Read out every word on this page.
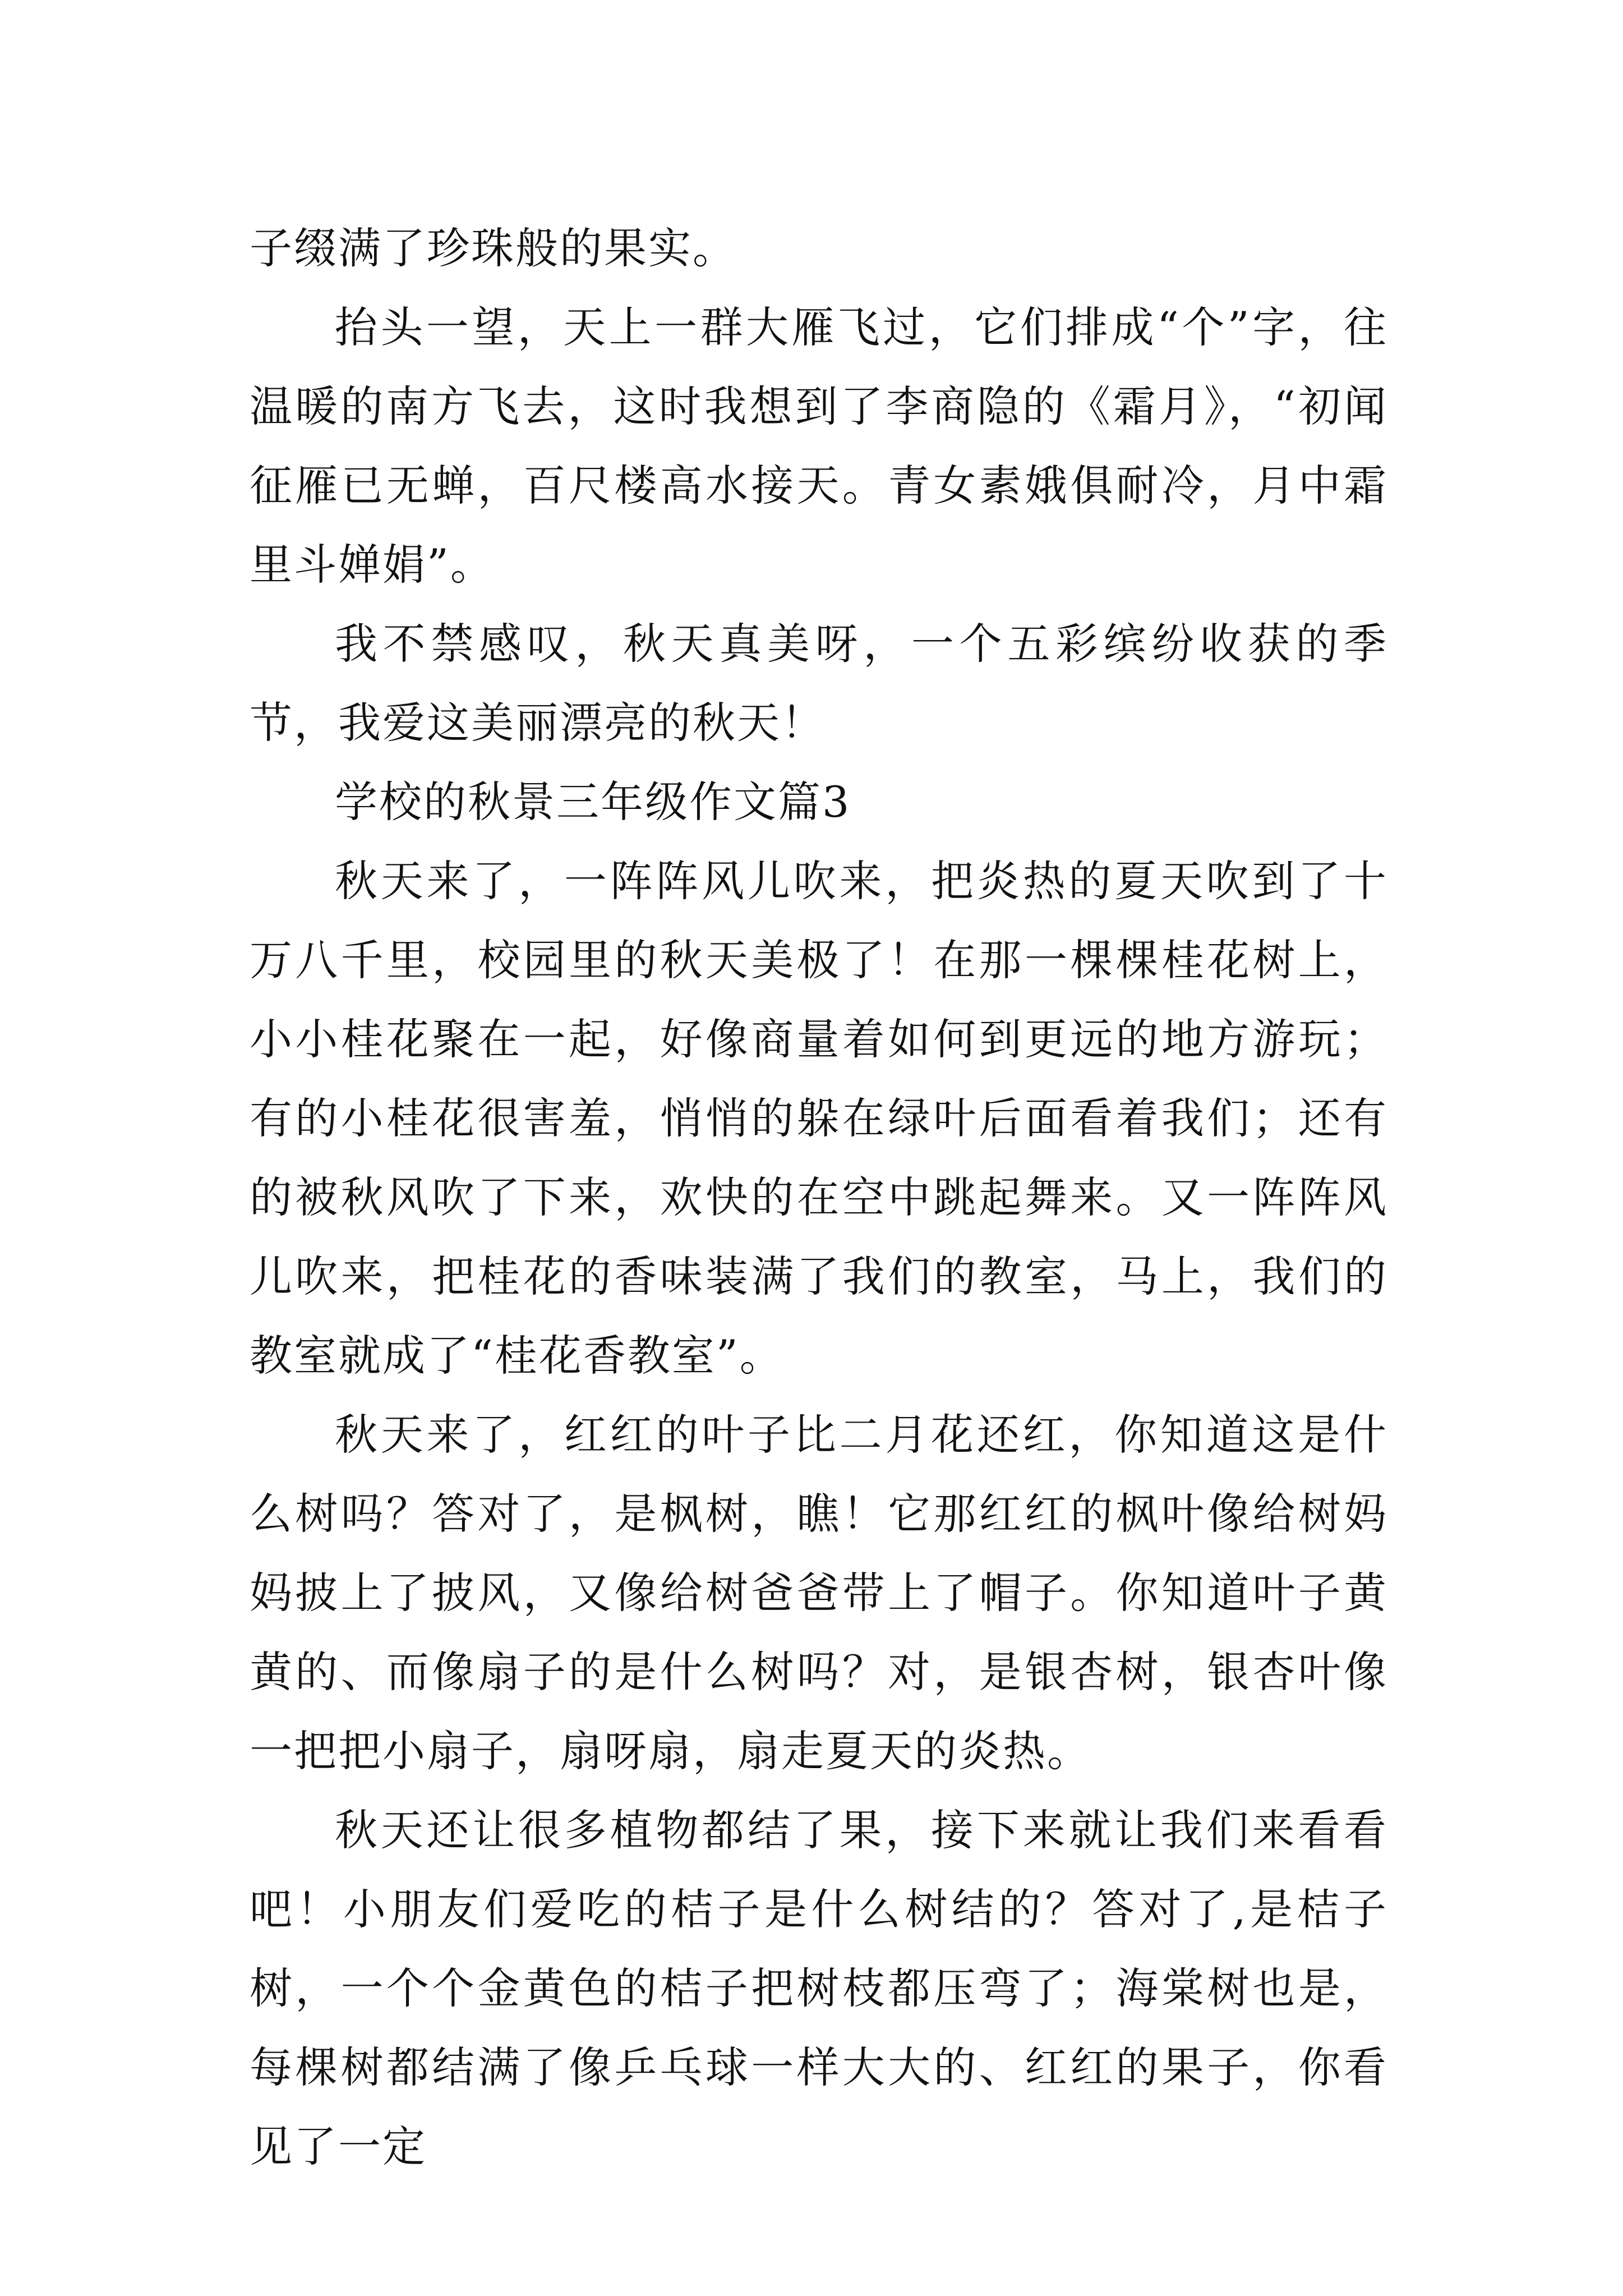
子缀满了珍珠般的果实。

抬头一望，天上一群大雁飞过，它们排成“个”字，往温暖的南方飞去，这时我想到了李商隐的《霜月》，“初闻征雁已无蝉，百尺楼高水接天。青女素娥俱耐冷，月中霜里斗婵娟”。

我不禁感叹，秋天真美呀，一个五彩缤纷收获的季节，我爱这美丽漂亮的秋天！

学校的秋景三年级作文篇3

秋天来了，一阵阵风儿吹来，把炎热的夏天吹到了十万八千里，校园里的秋天美极了！在那一棵棵桂花树上，小小桂花聚在一起，好像商量着如何到更远的地方游玩；有的小桂花很害羞，悄悄的躲在绿叶后面看着我们；还有的被秋风吹了下来，欢快的在空中跳起舞来。又一阵阵风儿吹来，把桂花的香味装满了我们的教室，马上，我们的教室就成了“桂花香教室”。

秋天来了，红红的叶子比二月花还红，你知道这是什么树吗？答对了，是枫树，瞧！它那红红的枫叶像给树妈妈披上了披风，又像给树爸爸带上了帽子。你知道叶子黄黄的、而像扇子的是什么树吗？对，是银杏树，银杏叶像一把把小扇子，扇呀扇，扇走夏天的炎热。

秋天还让很多植物都结了果，接下来就让我们来看看吧！小朋友们爱吃的桔子是什么树结的？答对了,是桔子树，一个个金黄色的桔子把树枝都压弯了；海棠树也是，每棵树都结满了像乒乓球一样大大的、红红的果子，你看见了一定
